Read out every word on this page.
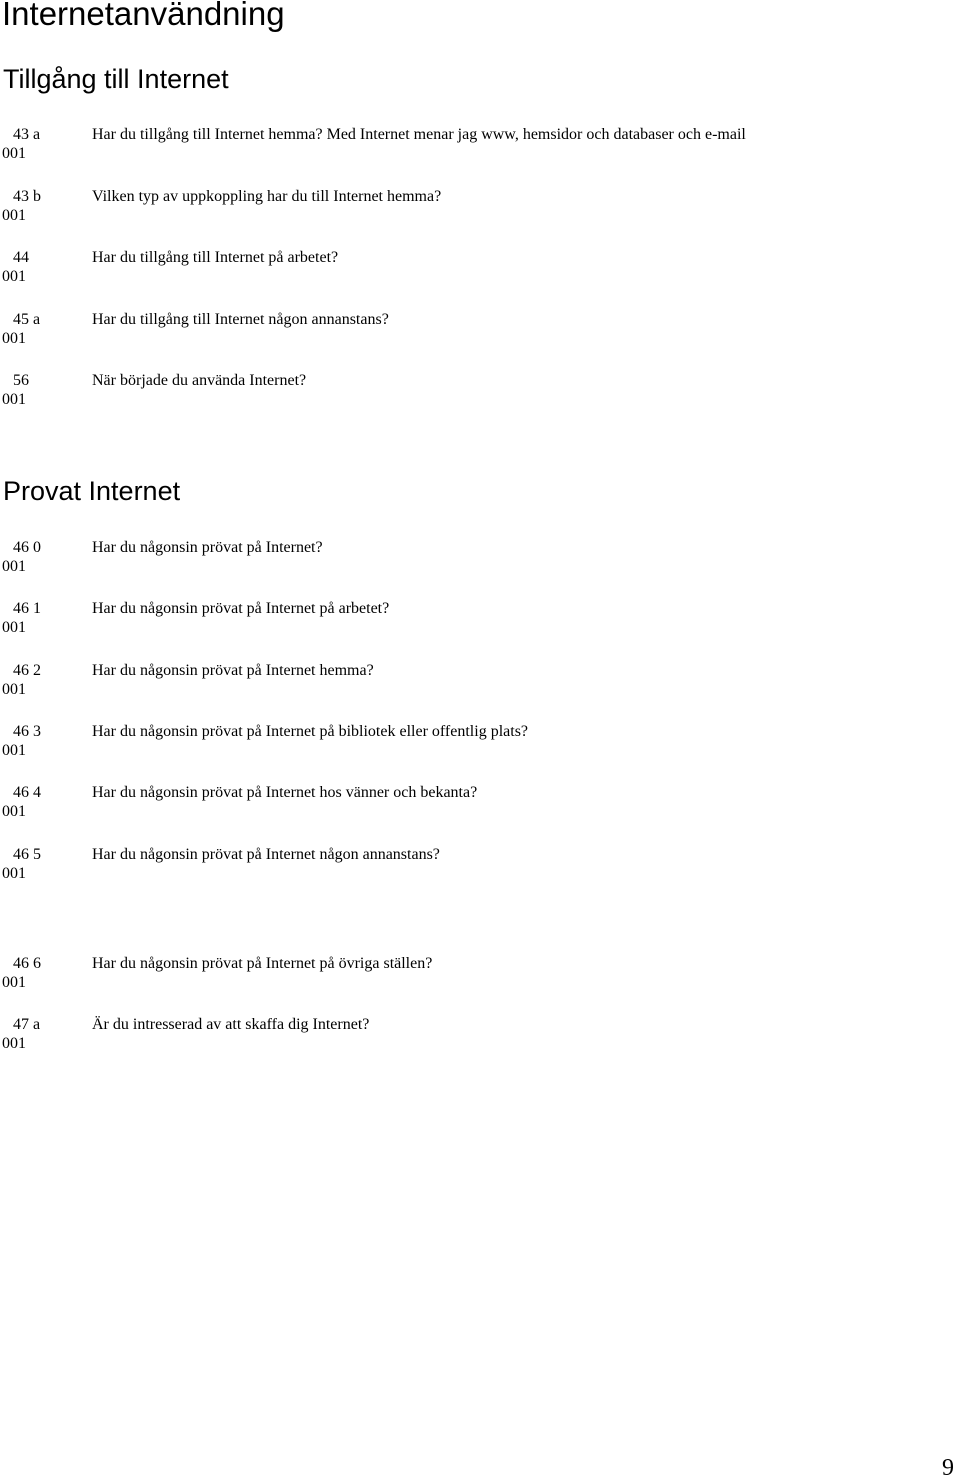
Internetanvändning
Tillgång till Internet
43 a
001
Har du tillgång till Internet hemma? Med Internet menar jag www, hemsidor och databaser och e-mail
43 b
001
Vilken typ av uppkoppling har du till Internet hemma?
44
001
Har du tillgång till Internet på arbetet?
45 a
001
Har du tillgång till Internet någon annanstans?
56
001
När började du använda Internet?
Provat Internet
46 0
001
Har du någonsin prövat på Internet?
46 1
001
Har du någonsin prövat på Internet på arbetet?
46 2
001
Har du någonsin prövat på Internet hemma?
46 3
001
Har du någonsin prövat på Internet på bibliotek eller offentlig plats?
46 4
001
Har du någonsin prövat på Internet hos vänner och bekanta?
46 5
001
Har du någonsin prövat på Internet någon annanstans?
46 6
001
Har du någonsin prövat på Internet på övriga ställen?
47 a
001
Är du intresserad av att skaffa dig Internet?
9
